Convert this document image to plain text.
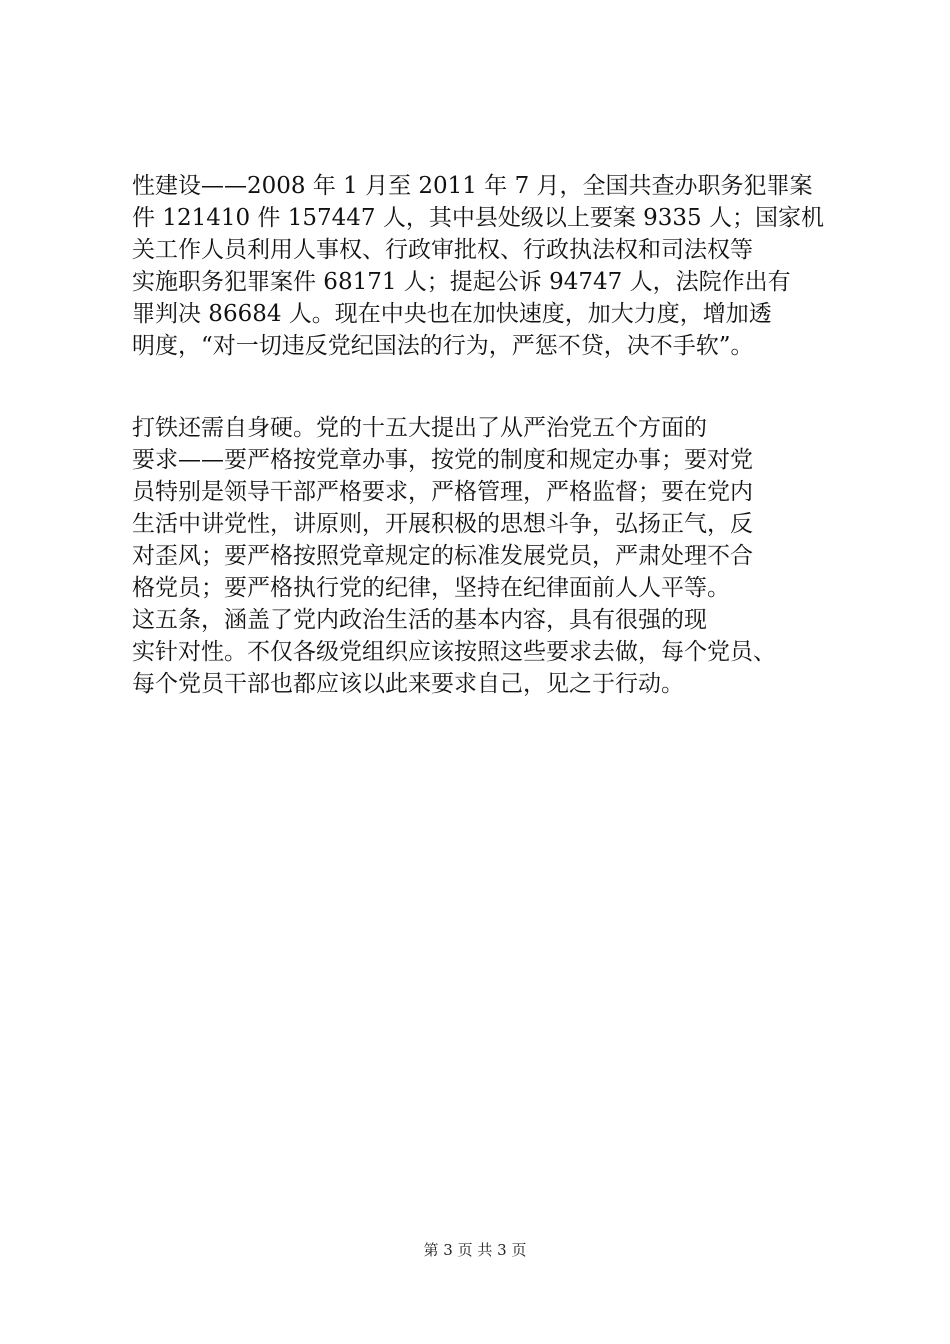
性建设——2008 年 1 月至 2011 年 7 月，全国共查办职务犯罪案
件 121410 件 157447 人，其中县处级以上要案 9335 人；国家机
关工作人员利用人事权、行政审批权、行政执法权和司法权等
实施职务犯罪案件 68171 人；提起公诉 94747 人，法院作出有
罪判决 86684 人。现在中央也在加快速度，加大力度，增加透
明度，“对一切违反党纪国法的行为，严惩不贷，决不手软”。
打铁还需自身硬。党的十五大提出了从严治党五个方面的
要求——要严格按党章办事，按党的制度和规定办事；要对党
员特别是领导干部严格要求，严格管理，严格监督；要在党内
生活中讲党性，讲原则，开展积极的思想斗争，弘扬正气，反
对歪风；要严格按照党章规定的标准发展党员，严肃处理不合
格党员；要严格执行党的纪律，坚持在纪律面前人人平等。
这五条，涵盖了党内政治生活的基本内容，具有很强的现
实针对性。不仅各级党组织应该按照这些要求去做，每个党员、
每个党员干部也都应该以此来要求自己，见之于行动。
第 3 页 共 3 页
